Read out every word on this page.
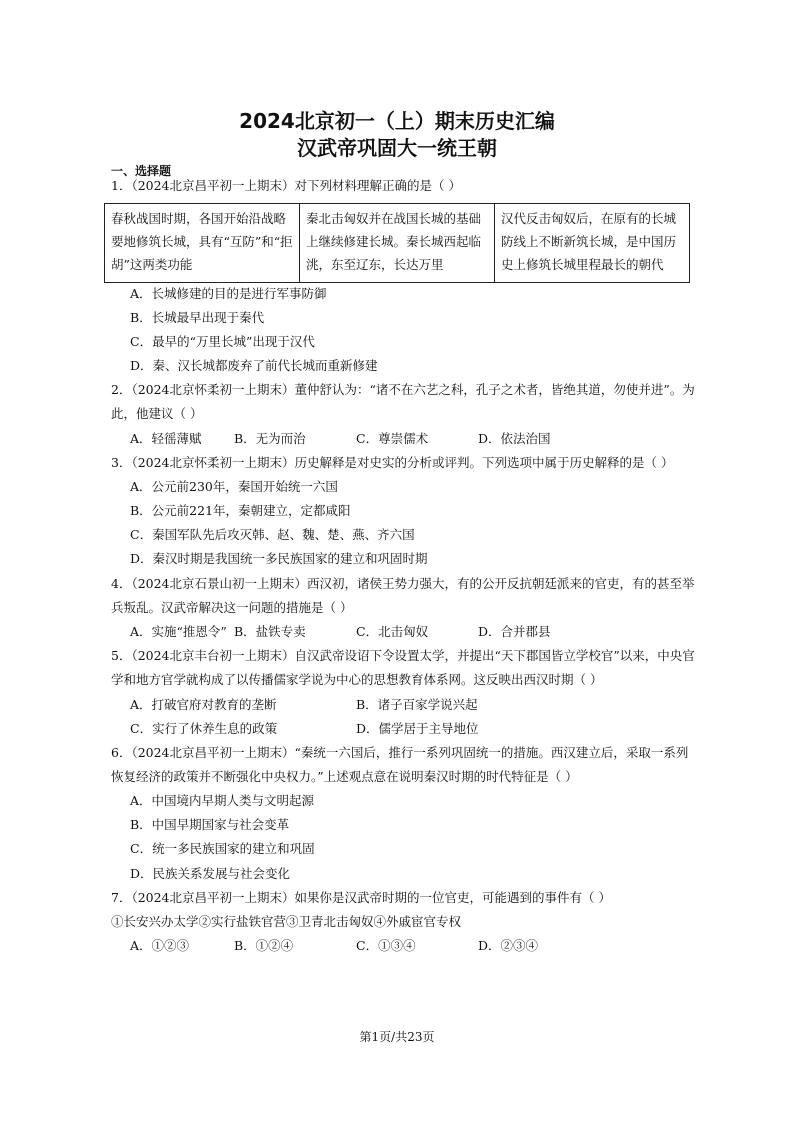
2024北京初一（上）期末历史汇编
汉武帝巩固大一统王朝
一、选择题
1．（2024北京昌平初一上期末）对下列材料理解正确的是（ ）
春秋战国时期，各国开始沿战略要地修筑长城，具有“互防”和“拒胡”这两类功能	秦北击匈奴并在战国长城的基础上继续修建长城。秦长城西起临洮，东至辽东，长达万里	汉代反击匈奴后，在原有的长城防线上不断新筑长城，是中国历史上修筑长城里程最长的朝代
A．长城修建的目的是进行军事防御
B．长城最早出现于秦代
C．最早的“万里长城”出现于汉代
D．秦、汉长城都废弃了前代长城而重新修建
2．（2024北京怀柔初一上期末）董仲舒认为：“诸不在六艺之科，孔子之术者，皆绝其道，勿使并进”。为
此，他建议（ ）
A．轻徭薄赋	B．无为而治	C．尊崇儒术	D．依法治国
3．（2024北京怀柔初一上期末）历史解释是对史实的分析或评判。下列选项中属于历史解释的是（ ）
A．公元前230年，秦国开始统一六国
B．公元前221年，秦朝建立，定都咸阳
C．秦国军队先后攻灭韩、赵、魏、楚、燕、齐六国
D．秦汉时期是我国统一多民族国家的建立和巩固时期
4．（2024北京石景山初一上期末）西汉初，诸侯王势力强大，有的公开反抗朝廷派来的官吏，有的甚至举
兵叛乱。汉武帝解决这一问题的措施是（ ）
A．实施“推恩令” B．盐铁专卖	C．北击匈奴	D．合并郡县
5．（2024北京丰台初一上期末）自汉武帝设诏下令设置太学，并提出“天下郡国皆立学校官”以来，中央官
学和地方官学就构成了以传播儒家学说为中心的思想教育体系网。这反映出西汉时期（ ）
A．打破官府对教育的垄断	B．诸子百家学说兴起
C．实行了休养生息的政策	D．儒学居于主导地位
6．（2024北京昌平初一上期末）“秦统一六国后，推行一系列巩固统一的措施。西汉建立后，采取一系列
恢复经济的政策并不断强化中央权力。”上述观点意在说明秦汉时期的时代特征是（ ）
A．中国境内早期人类与文明起源
B．中国早期国家与社会变革
C．统一多民族国家的建立和巩固
D．民族关系发展与社会变化
7．（2024北京昌平初一上期末）如果你是汉武帝时期的一位官吏，可能遇到的事件有（ ）
①长安兴办太学②实行盐铁官营③卫青北击匈奴④外戚宦官专权
A．①②③	B．①②④	C．①③④	D．②③④
第1页/共23页
